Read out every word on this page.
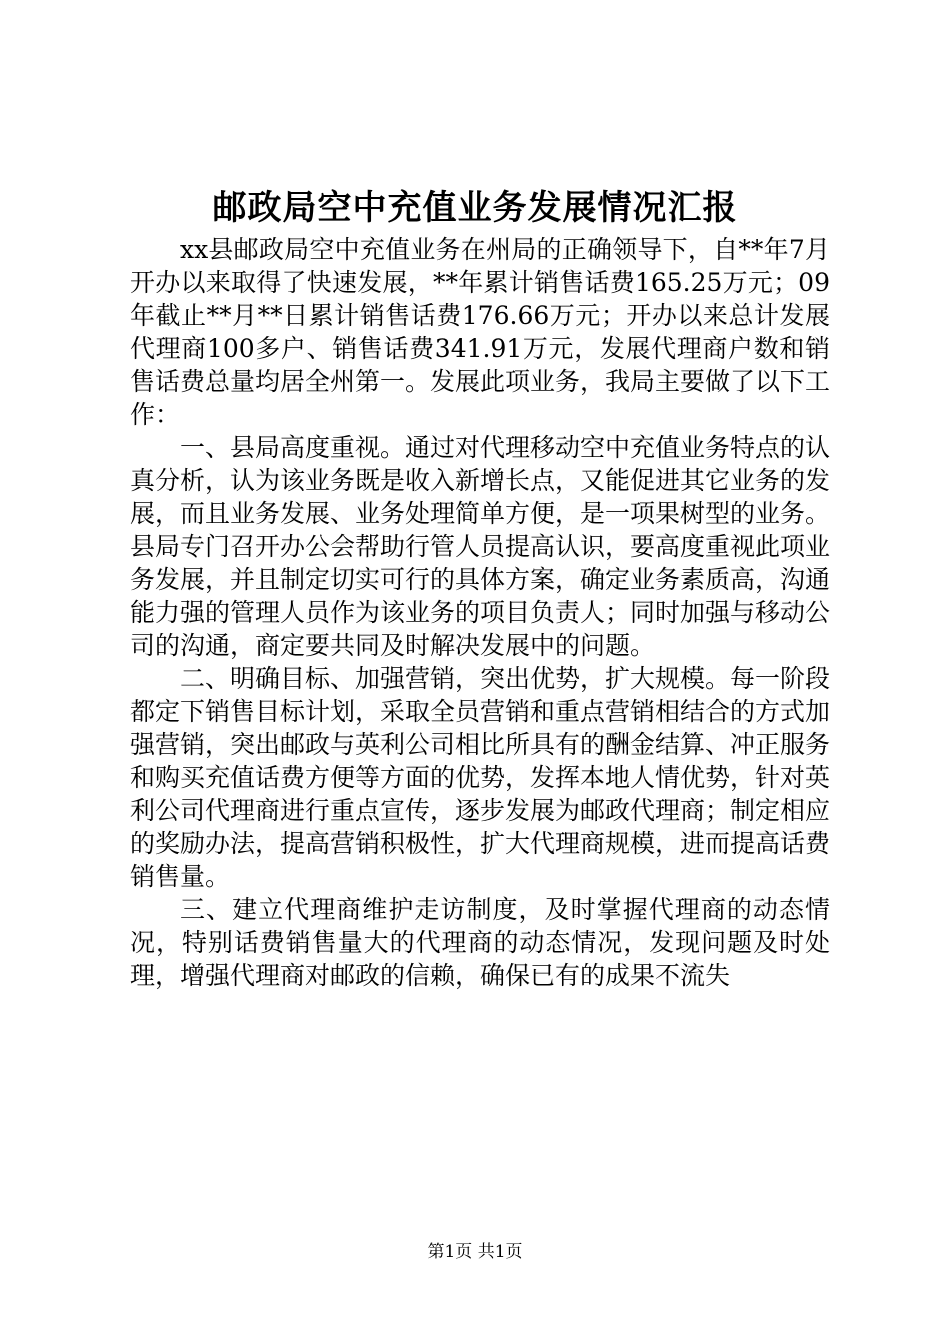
邮政局空中充值业务发展情况汇报

xx县邮政局空中充值业务在州局的正确领导下，自**年7月开办以来取得了快速发展，**年累计销售话费165.25万元；09年截止**月**日累计销售话费176.66万元；开办以来总计发展代理商100多户、销售话费341.91万元，发展代理商户数和销售话费总量均居全州第一。发展此项业务，我局主要做了以下工作：

一、县局高度重视。通过对代理移动空中充值业务特点的认真分析，认为该业务既是收入新增长点，又能促进其它业务的发展，而且业务发展、业务处理简单方便，是一项果树型的业务。县局专门召开办公会帮助行管人员提高认识，要高度重视此项业务发展，并且制定切实可行的具体方案，确定业务素质高，沟通能力强的管理人员作为该业务的项目负责人；同时加强与移动公司的沟通，商定要共同及时解决发展中的问题。

二、明确目标、加强营销，突出优势，扩大规模。每一阶段都定下销售目标计划，采取全员营销和重点营销相结合的方式加强营销，突出邮政与英利公司相比所具有的酬金结算、冲正服务和购买充值话费方便等方面的优势，发挥本地人情优势，针对英利公司代理商进行重点宣传，逐步发展为邮政代理商；制定相应的奖励办法，提高营销积极性，扩大代理商规模，进而提高话费销售量。

三、建立代理商维护走访制度，及时掌握代理商的动态情况，特别话费销售量大的代理商的动态情况，发现问题及时处理，增强代理商对邮政的信赖，确保已有的成果不流失

第1页 共1页
